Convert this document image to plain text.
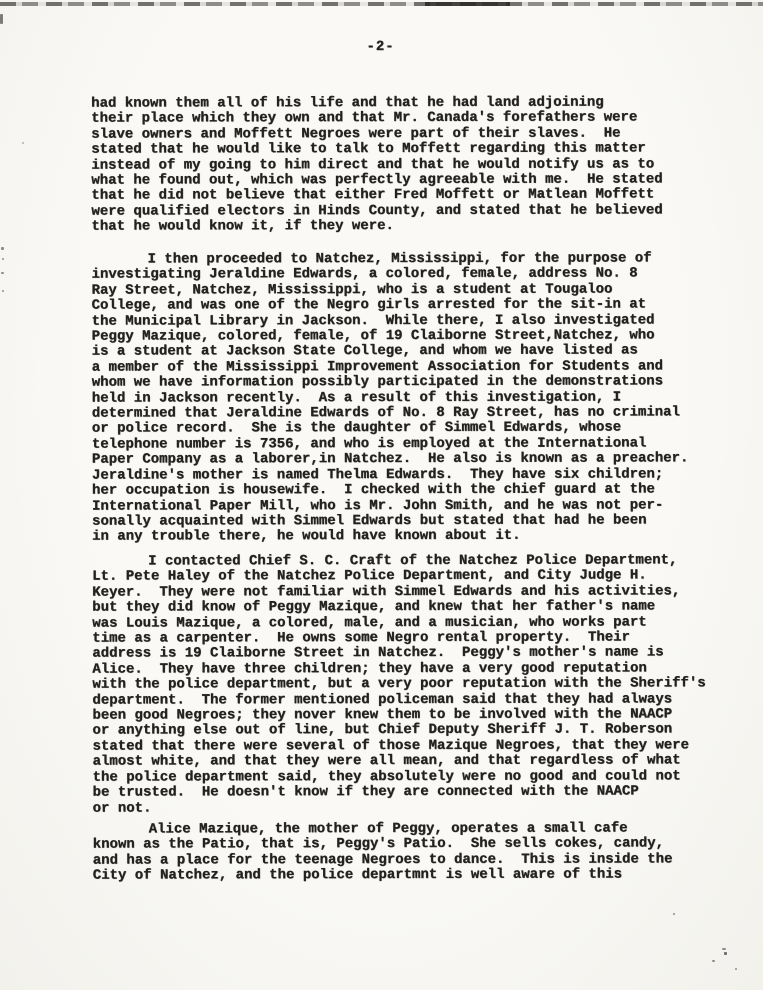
-2-
had known them all of his life and that he had land adjoining
their place which they own and that Mr. Canada's forefathers were
slave owners and Moffett Negroes were part of their slaves.  He
stated that he would like to talk to Moffett regarding this matter
instead of my going to him direct and that he would notify us as to
what he found out, which was perfectly agreeable with me.  He stated
that he did not believe that either Fred Moffett or Matlean Moffett
were qualified electors in Hinds County, and stated that he believed
that he would know it, if they were.
I then proceeded to Natchez, Mississippi, for the purpose of
investigating Jeraldine Edwards, a colored, female, address No. 8
Ray Street, Natchez, Mississippi, who is a student at Tougaloo
College, and was one of the Negro girls arrested for the sit-in at
the Municipal Library in Jackson.  While there, I also investigated
Peggy Mazique, colored, female, of 19 Claiborne Street,Natchez, who
is a student at Jackson State College, and whom we have listed as
a member of the Mississippi Improvement Association for Students and
whom we have information possibly participated in the demonstrations
held in Jackson recently.  As a result of this investigation, I
determined that Jeraldine Edwards of No. 8 Ray Street, has no criminal
or police record.  She is the daughter of Simmel Edwards, whose
telephone number is 7356, and who is employed at the International
Paper Company as a laborer,in Natchez.  He also is known as a preacher.
Jeraldine's mother is named Thelma Edwards.  They have six children;
her occupation is housewife.  I checked with the chief guard at the
International Paper Mill, who is Mr. John Smith, and he was not per-
sonally acquainted with Simmel Edwards but stated that had he been
in any trouble there, he would have known about it.
I contacted Chief S. C. Craft of the Natchez Police Department,
Lt. Pete Haley of the Natchez Police Department, and City Judge H.
Keyer.  They were not familiar with Simmel Edwards and his activities,
but they did know of Peggy Mazique, and knew that her father's name
was Louis Mazique, a colored, male, and a musician, who works part
time as a carpenter.  He owns some Negro rental property.  Their
address is 19 Claiborne Street in Natchez.  Peggy's mother's name is
Alice.  They have three children; they have a very good reputation
with the police department, but a very poor reputation with the Sheriff's
department.  The former mentioned policeman said that they had always
been good Negroes; they nover knew them to be involved with the NAACP
or anything else out of line, but Chief Deputy Sheriff J. T. Roberson
stated that there were several of those Mazique Negroes, that they were
almost white, and that they were all mean, and that regardless of what
the police department said, they absolutely were no good and could not
be trusted.  He doesn't know if they are connected with the NAACP
or not.
Alice Mazique, the mother of Peggy, operates a small cafe
known as the Patio, that is, Peggy's Patio.  She sells cokes, candy,
and has a place for the teenage Negroes to dance.  This is inside the
City of Natchez, and the police departmnt is well aware of this
